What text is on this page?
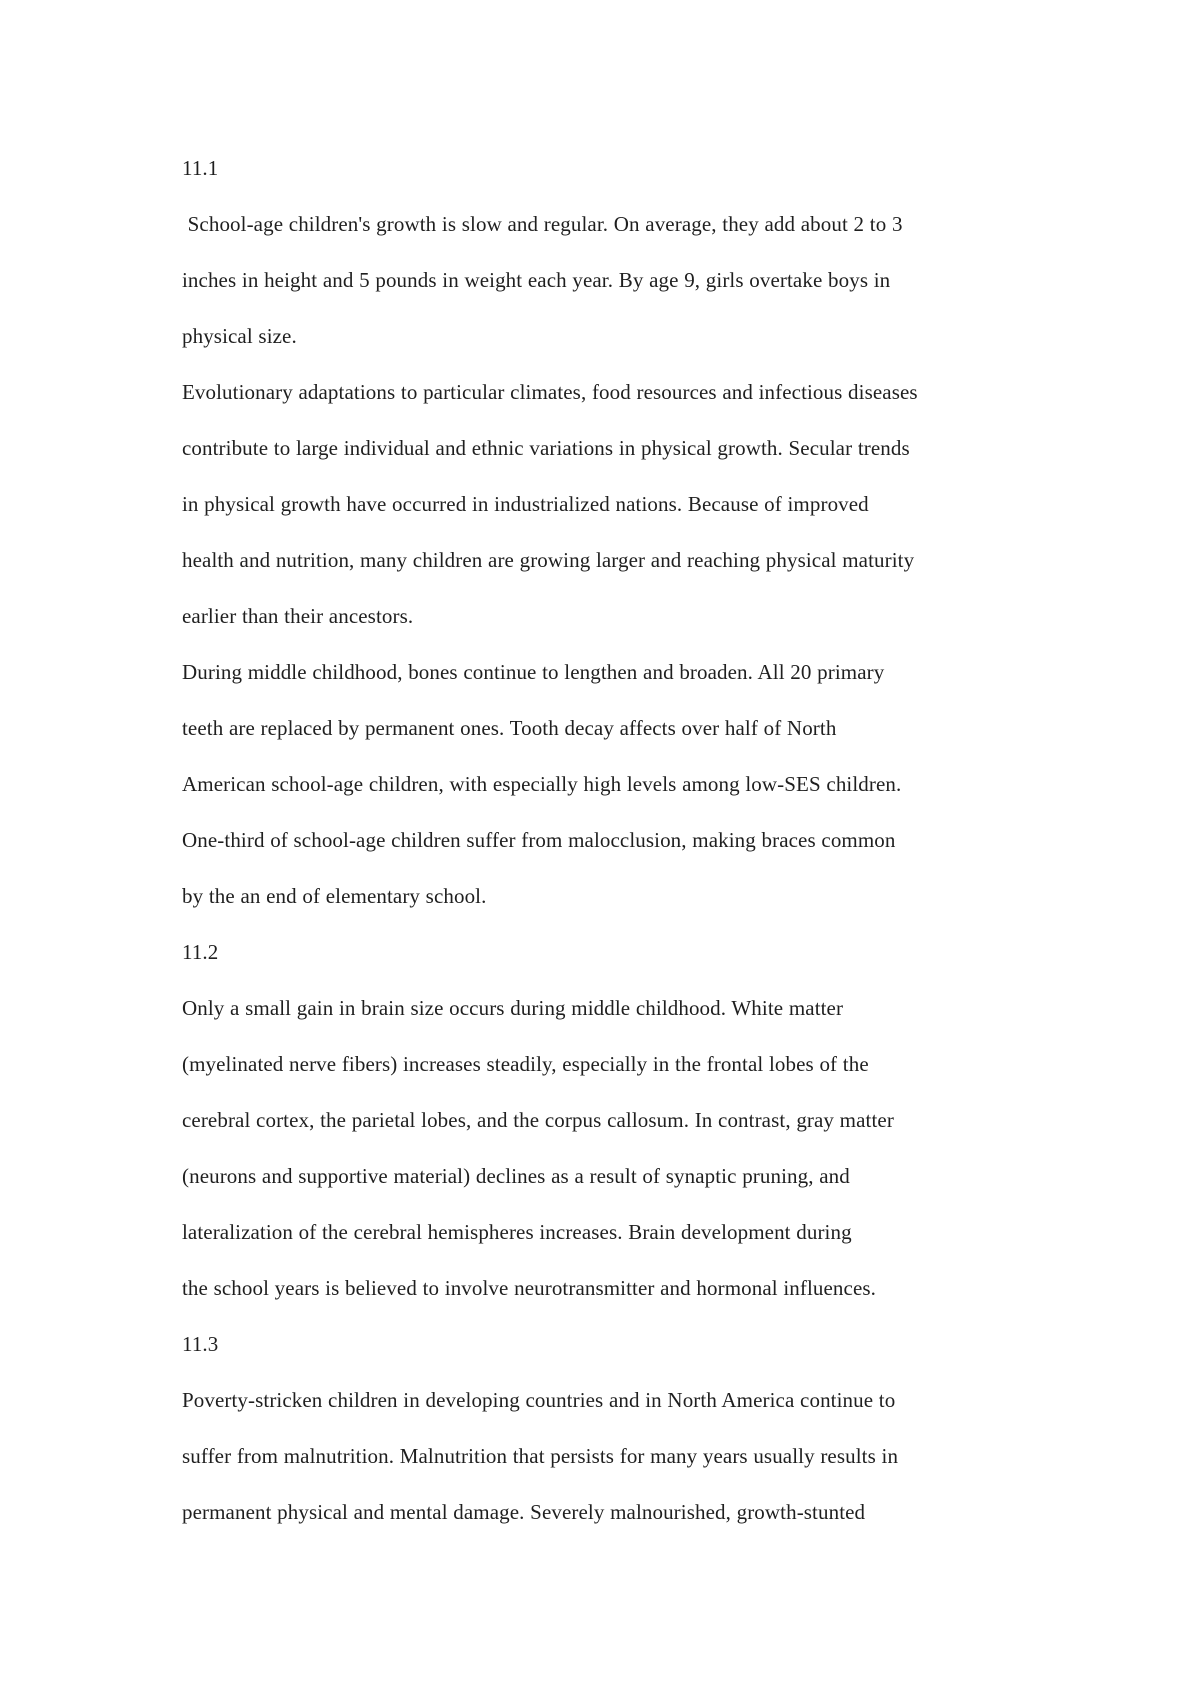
11.1
School-age children's growth is slow and regular. On average, they add about 2 to 3
inches in height and 5 pounds in weight each year. By age 9, girls overtake boys in
physical size.
Evolutionary adaptations to particular climates, food resources and infectious diseases
contribute to large individual and ethnic variations in physical growth. Secular trends
in physical growth have occurred in industrialized nations. Because of improved
health and nutrition, many children are growing larger and reaching physical maturity
earlier than their ancestors.
During middle childhood, bones continue to lengthen and broaden. All 20 primary
teeth are replaced by permanent ones. Tooth decay affects over half of North
American school-age children, with especially high levels among low-SES children.
One-third of school-age children suffer from malocclusion, making braces common
by the an end of elementary school.
11.2
Only a small gain in brain size occurs during middle childhood. White matter
(myelinated nerve fibers) increases steadily, especially in the frontal lobes of the
cerebral cortex, the parietal lobes, and the corpus callosum. In contrast, gray matter
(neurons and supportive material) declines as a result of synaptic pruning, and
lateralization of the cerebral hemispheres increases. Brain development during
the school years is believed to involve neurotransmitter and hormonal influences.
11.3
Poverty-stricken children in developing countries and in North America continue to
suffer from malnutrition. Malnutrition that persists for many years usually results in
permanent physical and mental damage. Severely malnourished, growth-stunted
